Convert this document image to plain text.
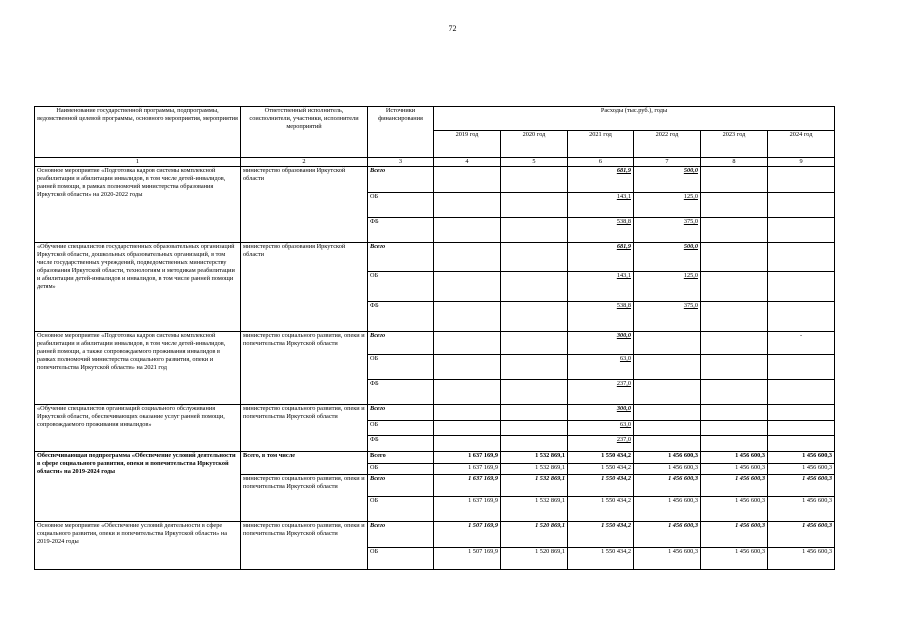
72
Наименование государственной программы, подпрограммы, ведомственной целевой программы, основного мероприятия, мероприятия	Ответственный исполнитель, соисполнители, участники, исполнители мероприятий	Источники финансирования	Расходы (тыс.руб.), годы					
			2019 год	2020 год	2021 год	2022 год	2023 год	2024 год
1	2	3	4	5	6	7	8	9
Основное мероприятие «Подготовка кадров системы комплексной реабилитации и абилитации инвалидов, в том числе детей-инвалидов, ранней помощи, в рамках полномочий министерства образования Иркутской области» на 2020-2022 годы	министерство образования Иркутской области	Всего			681,9	500,0		
		ОБ			143,1	125,0		
		ФБ			538,8	375,0		
«Обучение специалистов государственных образовательных организаций Иркутской области, дошкольных образовательных организаций, в том числе государственных учреждений, подведомственных министерству образования Иркутской области, технологиям и методикам реабилитации и абилитации детей-инвалидов и инвалидов, в том числе ранней помощи детям»	министерство образования Иркутской области	Всего			681,9	500,0		
		ОБ			143,1	125,0		
		ФБ			538,8	375,0		
Основное мероприятие «Подготовка кадров системы комплексной реабилитации и абилитации инвалидов, в том числе детей-инвалидов, ранней помощи, а также сопровождаемого проживания инвалидов в рамках полномочий министерства социального развития, опеки и попечительства Иркутской области» на 2021 год	министерство социального развития, опеки и попечительства Иркутской области	Всего			300,0			-
		ОБ			63,0			
		ФБ			237,0			
«Обучение специалистов организаций социального обслуживания Иркутской области, обеспечивающих оказание услуг ранней помощи, сопровождаемого проживания инвалидов»	министерство социального развития, опеки и попечительства Иркутской области	Всего			300,0			
		ОБ			63,0			
		ФБ			237,0			
Обеспечивающая подпрограмма «Обеспечение условий деятельности в сфере социального развития, опеки и попечительства Иркутской области» на 2019-2024 годы	Всего, в том числе	Всего	1 637 169,9	1 532 869,1	1 550 434,2	1 456 600,3	1 456 600,3	1 456 600,3
		ОБ	1 637 169,9	1 532 869,1	1 550 434,2	1 456 600,3	1 456 600,3	1 456 600,3
	министерство социального развития, опеки и попечительства Иркутской области	Всего	1 637 169,9	1 532 869,1	1 550 434,2	1 456 600,3	1 456 600,3	1 456 600,3
		ОБ	1 637 169,9	1 532 869,1	1 550 434,2	1 456 600,3	1 456 600,3	1 456 600,3
Основное мероприятие «Обеспечение условий деятельности в сфере социального развития, опеки и попечительства Иркутской области» на 2019-2024 годы	министерство социального развития, опеки и попечительства Иркутской области	Всего	1 507 169,9	1 520 869,1	1 550 434,2	1 456 600,3	1 456 600,3	1 456 600,3
		ОБ	1 507 169,9	1 520 869,1	1 550 434,2	1 456 600,3	1 456 600,3	1 456 600,3
